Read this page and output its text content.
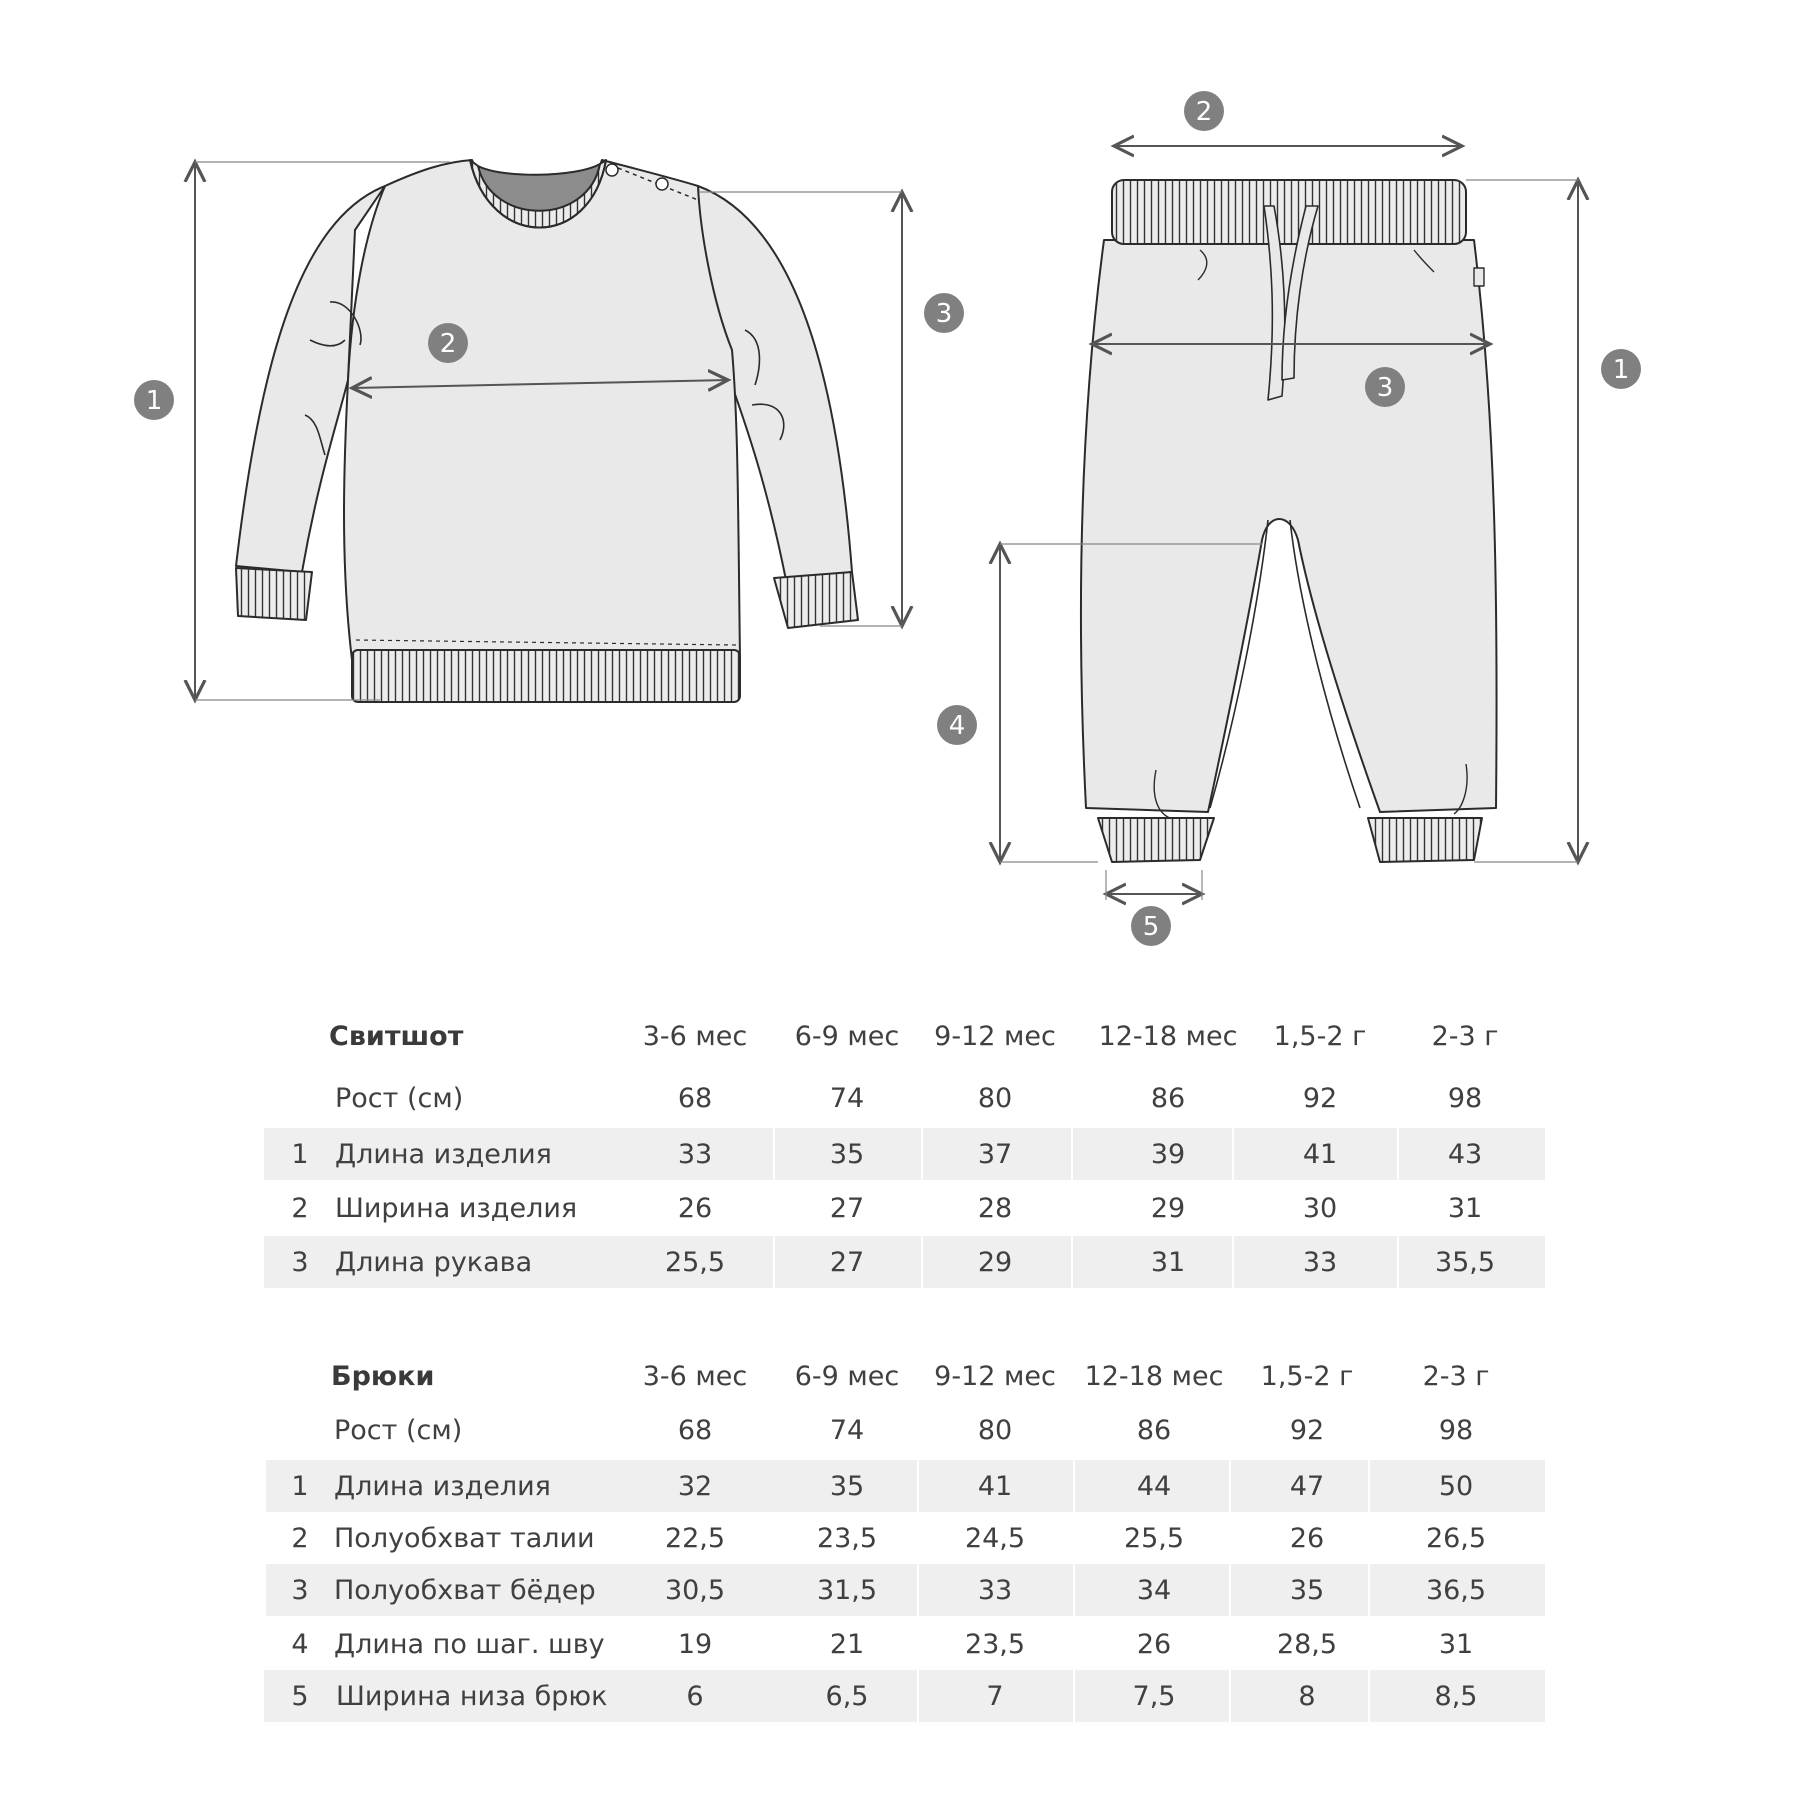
1
2
3
1
2
3
4
5
Свитшот	3-6 мес	6-9 мес	9-12 мес	12-18 мес	1,5-2 г	2-3 г
Рост (см)	68	74	80	86	92	98
1 Длина изделия	33	35	37	39	41	43
2 Ширина изделия	26	27	28	29	30	31
3 Длина рукава	25,5	27	29	31	33	35,5
Брюки	3-6 мес	6-9 мес	9-12 мес	12-18 мес	1,5-2 г	2-3 г
Рост (см)	68	74	80	86	92	98
1 Длина изделия	32	35	41	44	47	50
2 Полуобхват талии	22,5	23,5	24,5	25,5	26	26,5
3 Полуобхват бёдер	30,5	31,5	33	34	35	36,5
4 Длина по шаг. шву	19	21	23,5	26	28,5	31
5	Ширина низа брюк	6	6,5	7	7,5	8	8,5
